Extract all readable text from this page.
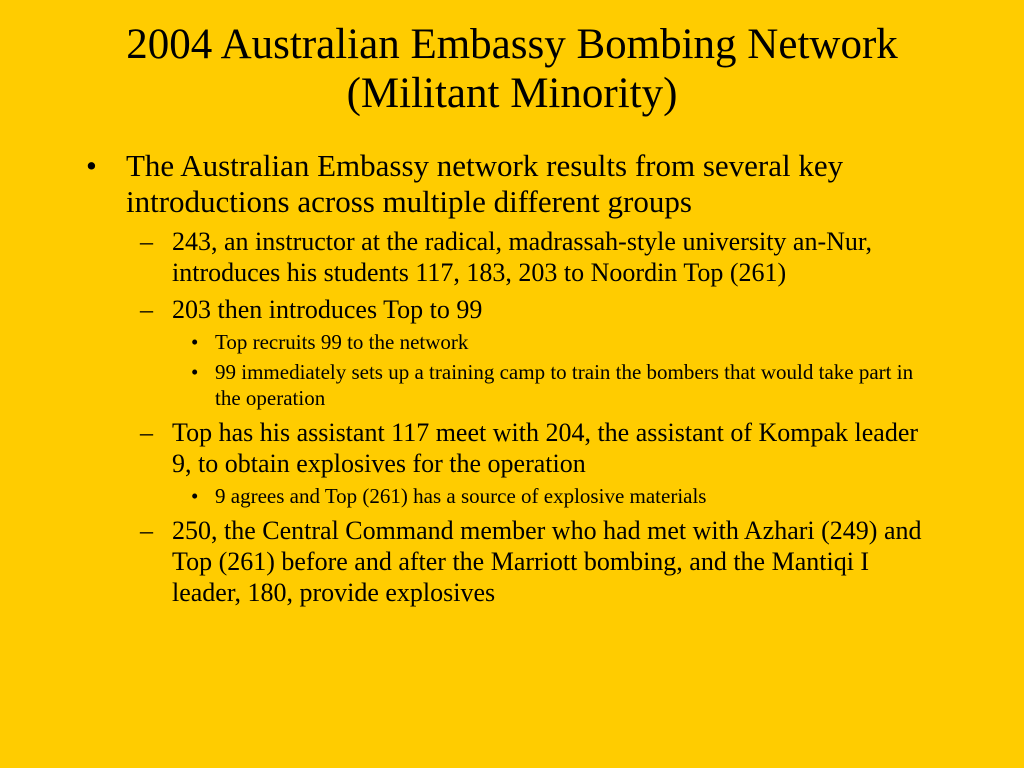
2004 Australian Embassy Bombing Network
(Militant Minority)
• The Australian Embassy network results from several key introductions across multiple different groups
– 243, an instructor at the radical, madrassah-style university an-Nur, introduces his students 117, 183, 203 to Noordin Top (261)
– 203 then introduces Top to 99
• Top recruits 99 to the network
• 99 immediately sets up a training camp to train the bombers that would take part in the operation
– Top has his assistant 117 meet with 204, the assistant of Kompak leader 9, to obtain explosives for the operation
• 9 agrees and Top (261) has a source of explosive materials
– 250, the Central Command member who had met with Azhari (249) and Top (261) before and after the Marriott bombing, and the Mantiqi I leader, 180, provide explosives
